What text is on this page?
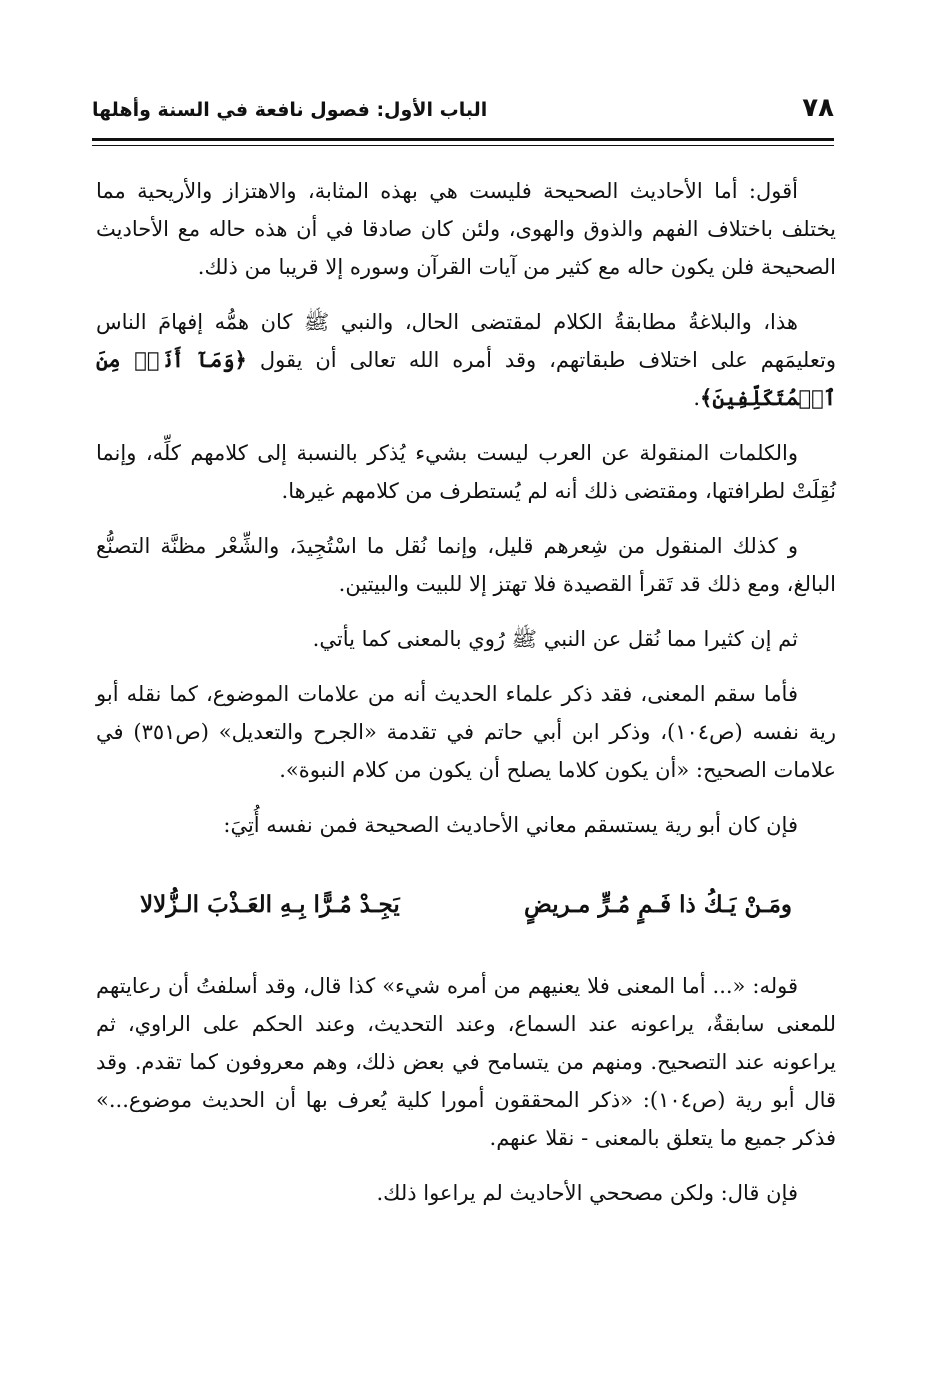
٧٨
الباب الأول: فصول نافعة في السنة وأهلها

أقول: أما الأحاديث الصحيحة فليست هي بهذه المثابة، والاهتزاز والأريحية مما يختلف باختلاف الفهم والذوق والهوى، ولئن كان صادقا في أن هذه حاله مع الأحاديث الصحيحة فلن يكون حاله مع كثير من آيات القرآن وسوره إلا قريبا من ذلك.

هذا، والبلاغةُ مطابقةُ الكلام لمقتضى الحال، والنبي ﷺ كان همُّه إفهامَ الناس وتعليمَهم على اختلاف طبقاتهم، وقد أمره الله تعالى أن يقول ﴿وَمَآ أَنَا۠ مِنَ ٱلۡمُتَكَلِّفِينَ﴾.

والكلمات المنقولة عن العرب ليست بشيء يُذكر بالنسبة إلى كلامهم كلِّه، وإنما نُقِلَتْ لطرافتها، ومقتضى ذلك أنه لم يُستطرف من كلامهم غيرها.

و كذلك المنقول من شِعرهم قليل، وإنما نُقل ما اسْتُجِيدَ، والشِّعْر مظنَّة التصنُّع البالغ، ومع ذلك قد تَقرأ القصيدة فلا تهتز إلا للبيت والبيتين.

ثم إن كثيرا مما نُقل عن النبي ﷺ رُوي بالمعنى كما يأتي.

فأما سقم المعنى، فقد ذكر علماء الحديث أنه من علامات الموضوع، كما نقله أبو رية نفسه (ص١٠٤)، وذكر ابن أبي حاتم في تقدمة «الجرح والتعديل» (ص٣٥١) في علامات الصحيح: «أن يكون كلاما يصلح أن يكون من كلام النبوة».

فإن كان أبو رية يستسقم معاني الأحاديث الصحيحة فمن نفسه أُتِيَ:

ومَـنْ يَـكُ ذا فَـمٍ مُـرٍّ مـريضٍ
يَجِـدْ مُـرًّا بِـهِ العَـذْبَ الـزُّلالا

قوله: «... أما المعنى فلا يعنيهم من أمره شيء» كذا قال، وقد أسلفتُ أن رعايتهم للمعنى سابقةٌ، يراعونه عند السماع، وعند التحديث، وعند الحكم على الراوي، ثم يراعونه عند التصحيح. ومنهم من يتسامح في بعض ذلك، وهم معروفون كما تقدم. وقد قال أبو رية (ص١٠٤): «ذكر المحققون أمورا كلية يُعرف بها أن الحديث موضوع...» فذكر جميع ما يتعلق بالمعنى - نقلا عنهم.

فإن قال: ولكن مصححي الأحاديث لم يراعوا ذلك.
